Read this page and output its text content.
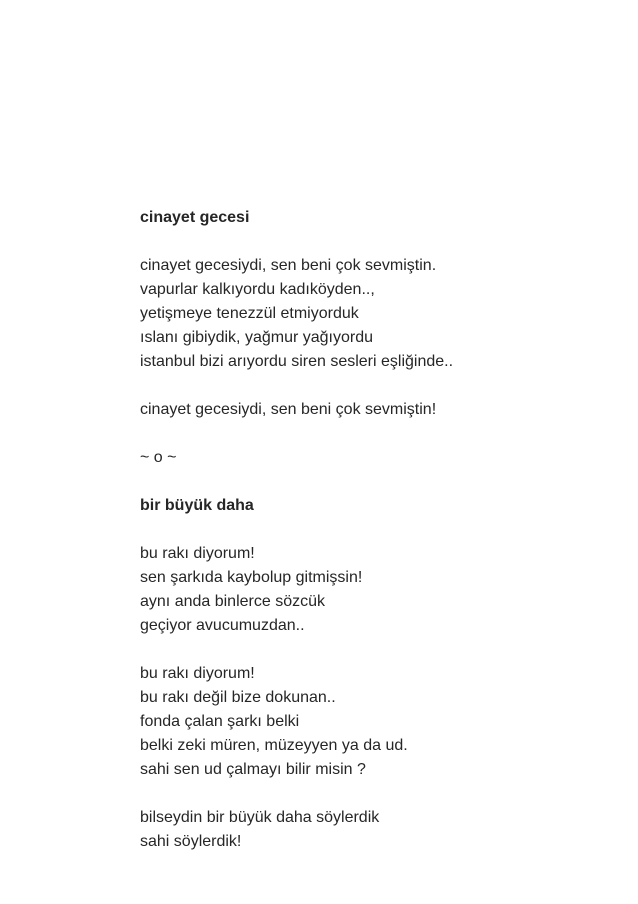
cinayet gecesi

cinayet gecesiydi, sen beni çok sevmiştin.

vapurlar kalkıyordu kadıköyden..,

yetişmeye tenezzül etmiyorduk

ıslanı gibiydik, yağmur yağıyordu

istanbul bizi arıyordu siren sesleri eşliğinde..

cinayet gecesiydi, sen beni çok sevmiştin!

~ o ~

bir büyük daha

bu rakı diyorum!

sen şarkıda kaybolup gitmişsin!

aynı anda binlerce sözcük

geçiyor avucumuzdan..

bu rakı diyorum!

bu rakı değil bize dokunan..

fonda çalan şarkı belki

belki zeki müren, müzeyyen ya da ud.

sahi sen ud çalmayı bilir misin ?

bilseydin bir büyük daha söylerdik

sahi söylerdik!
